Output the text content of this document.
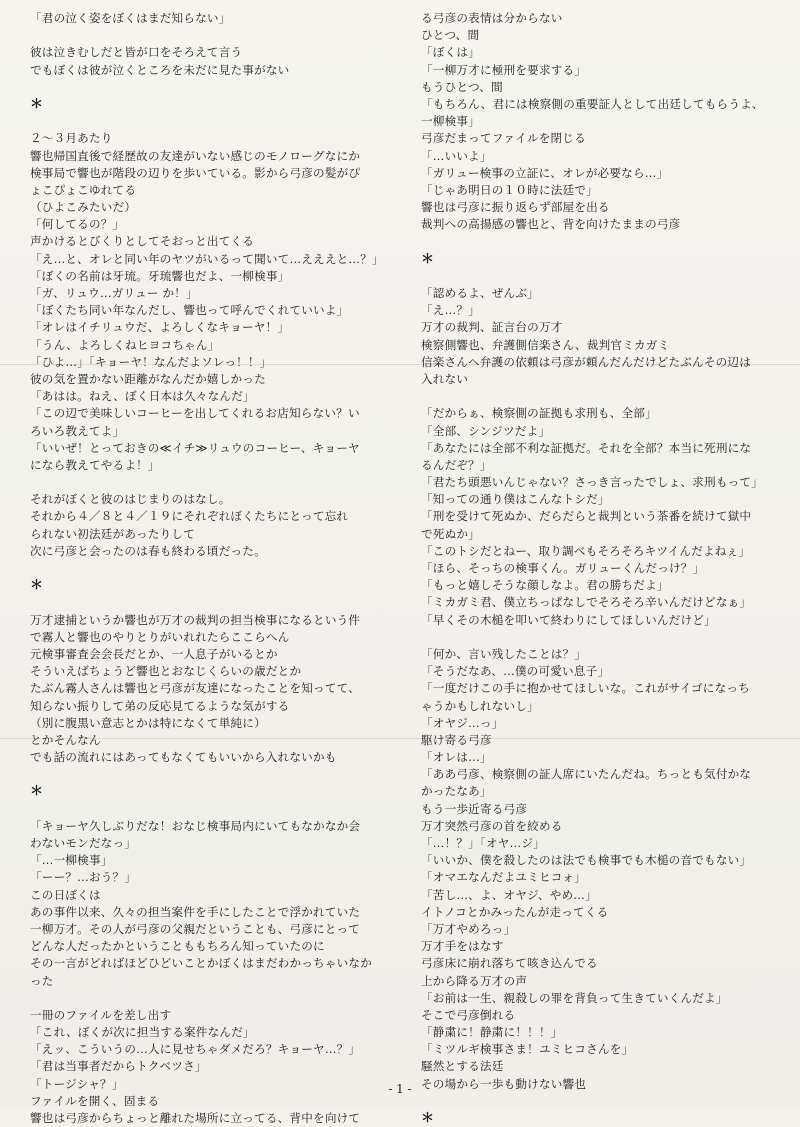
「君の泣く姿をぼくはまだ知らない」
彼は泣きむしだと皆が口をそろえて言う
でもぼくは彼が泣くところを未だに見た事がない
＊
２～３月あたり
響也帰国直後で経歴故の友達がいない感じのモノローグなにか
検事局で響也が階段の辺りを歩いている。影から弓彦の髪がぴ
ょこぴょこゆれてる
（ひよこみたいだ）
「何してるの？」
声かけるとびくりとしてそおっと出てくる
「え…と、オレと同い年のヤツがいるって聞いて…えええと…？」
「ぼくの名前は牙琉。牙琉響也だよ、一柳検事」
「ガ、リュウ…ガリュー か！」
「ぼくたち同い年なんだし、響也って呼んでくれていいよ」
「オレはイチリュウだ、よろしくなキョーヤ！」
「うん、よろしくねヒヨコちゃん」
「ひよ…」「キョーヤ！なんだよソレっ！！」
彼の気を置かない距離がなんだか嬉しかった
「あはは。ねえ、ぼく日本は久々なんだ」
「この辺で美味しいコーヒーを出してくれるお店知らない？い
ろいろ教えてよ」
「いいぜ！とっておきの≪イチ≫リュウのコーヒー、キョーヤ
になら教えてやるよ！」
それがぼくと彼のはじまりのはなし。
それから４／８と４／１９にそれぞれぼくたちにとって忘れ
られない初法廷があったりして
次に弓彦と会ったのは春も終わる頃だった。
＊
万才逮捕というか響也が万才の裁判の担当検事になるという件
で霧人と響也のやりとりがいれれたらここらへん
元検事審査会会長だとか、一人息子がいるとか
そういえばちょうど響也とおなじくらいの歳だとか
たぶん霧人さんは響也と弓彦が友達になったことを知ってて、
知らない振りして弟の反応見てるような気がする
（別に腹黒い意志とかは特になくて単純に）
とかそんなん
でも話の流れにはあってもなくてもいいから入れないかも
＊
「キョーヤ久しぶりだな！おなじ検事局内にいてもなかなか会
わないモンだなっ」
「…一柳検事」
「ーー？…おう？」
この日ぼくは
あの事件以来、久々の担当案件を手にしたことで浮かれていた
一柳万才。その人が弓彦の父親だということも、弓彦にとって
どんな人だったかということももちろん知っていたのに
その一言がどればほどひどいことかぼくはまだわかっちゃいなか
った
一冊のファイルを差し出す
「これ、ぼくが次に担当する案件なんだ」
「えッ、こういうの…人に見せちゃダメだろ？キョーヤ…？」
「君は当事者だからトクベツさ」
「トージシャ？」
ファイルを開く、固まる
響也は弓彦からちょっと離れた場所に立ってる、背中を向けて
る弓彦の表情は分からない
ひとつ、間
「ぼくは」
「一柳万才に極刑を要求する」
もうひとつ、間
「もちろん、君には検察側の重要証人として出廷してもらうよ、
一柳検事」
弓彦だまってファイルを閉じる
「…いいよ」
「ガリュー検事の立証に、オレが必要なら…」
「じゃあ明日の１０時に法廷で」
響也は弓彦に振り返らず部屋を出る
裁判への高揚感の響也と、背を向けたままの弓彦
＊
「認めるよ、ぜんぶ」
「え…？」
万才の裁判、証言台の万才
検察側響也、弁護側信楽さん、裁判官ミカガミ
信楽さんへ弁護の依頼は弓彦が頼んだんだけどたぶんその辺は
入れない
「だからぁ、検察側の証拠も求刑も、全部」
「全部、シンジツだよ」
「あなたには全部不利な証拠だ。それを全部？本当に死刑にな
るんだぞ？」
「君たち頭悪いんじゃない？さっき言ったでしょ、求刑もって」
「知っての通り僕はこんなトシだ」
「刑を受けて死ぬか、だらだらと裁判という茶番を続けて獄中
で死ぬか」
「このトシだとねー、取り調べもそろそろキツイんだよねぇ」
「ほら、そっちの検事くん。ガリューくんだっけ？」
「もっと嬉しそうな顔しなよ。君の勝ちだよ」
「ミカガミ君、僕立ちっぱなしでそろそろ辛いんだけどなぁ」
「早くその木槌を叩いて終わりにしてほしいんだけど」
「何か、言い残したことは？」
「そうだなあ、…僕の可愛い息子」
「一度だけこの手に抱かせてほしいな。これがサイゴになっち
ゃうかもしれないし」
「オヤジ…っ」
駆け寄る弓彦
「オレは…」
「ああ弓彦、検察側の証人席にいたんだね。ちっとも気付かな
かったなあ」
もう一歩近寄る弓彦
万才突然弓彦の首を絞める
「…！？」「オヤ…ジ」
「いいか、僕を殺したのは法でも検事でも木槌の音でもない」
「オマエなんだよユミヒコォ」
「苦し…、よ、オヤジ、やめ…」
イトノコとかみったんが走ってくる
「万才やめろっ」
万才手をはなす
弓彦床に崩れ落ちて咳き込んでる
上から降る万才の声
「お前は一生、親殺しの罪を背負って生きていくんだよ」
そこで弓彦倒れる
「静粛に！静粛に！！！」
「ミツルギ検事さま！ユミヒコさんを」
騒然とする法廷
その場から一歩も動けない響也
＊
- 1 -
